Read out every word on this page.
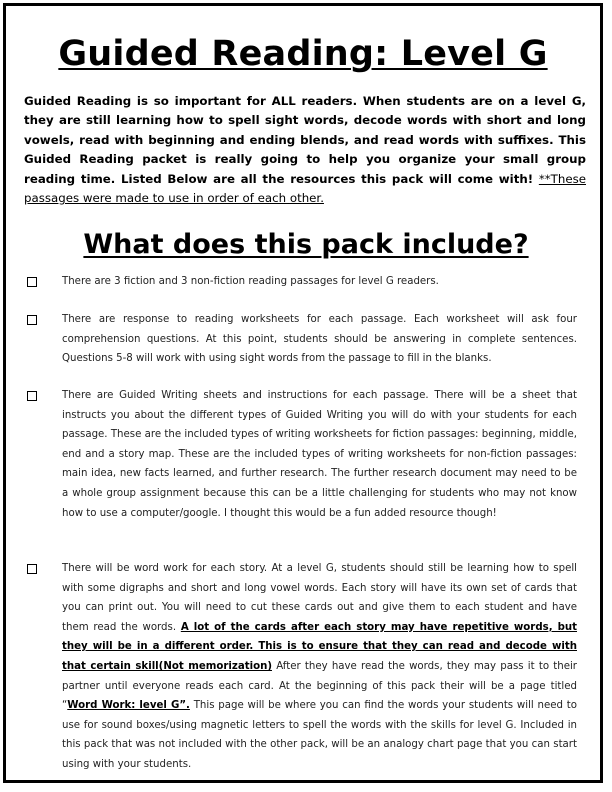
Guided Reading: Level G
Guided Reading is so important for ALL readers. When students are on a level G, they are still learning how to spell sight words, decode words with short and long vowels, read with beginning and ending blends, and read words with suffixes. This Guided Reading packet is really going to help you organize your small group reading time. Listed Below are all the resources this pack will come with! **These passages were made to use in order of each other.
What does this pack include?
There are 3 fiction and 3 non-fiction reading passages for level G readers.
There are response to reading worksheets for each passage. Each worksheet will ask four comprehension questions. At this point, students should be answering in complete sentences. Questions 5-8 will work with using sight words from the passage to fill in the blanks.
There are Guided Writing sheets and instructions for each passage. There will be a sheet that instructs you about the different types of Guided Writing you will do with your students for each passage. These are the included types of writing worksheets for fiction passages: beginning, middle, end and a story map. These are the included types of writing worksheets for non-fiction passages: main idea, new facts learned, and further research. The further research document may need to be a whole group assignment because this can be a little challenging for students who may not know how to use a computer/google. I thought this would be a fun added resource though!
There will be word work for each story. At a level G, students should still be learning how to spell with some digraphs and short and long vowel words. Each story will have its own set of cards that you can print out. You will need to cut these cards out and give them to each student and have them read the words. A lot of the cards after each story may have repetitive words, but they will be in a different order. This is to ensure that they can read and decode with that certain skill(Not memorization) After they have read the words, they may pass it to their partner until everyone reads each card. At the beginning of this pack their will be a page titled “Word Work: level G”. This page will be where you can find the words your students will need to use for sound boxes/using magnetic letters to spell the words with the skills for level G. Included in this pack that was not included with the other pack, will be an analogy chart page that you can start using with your students.
